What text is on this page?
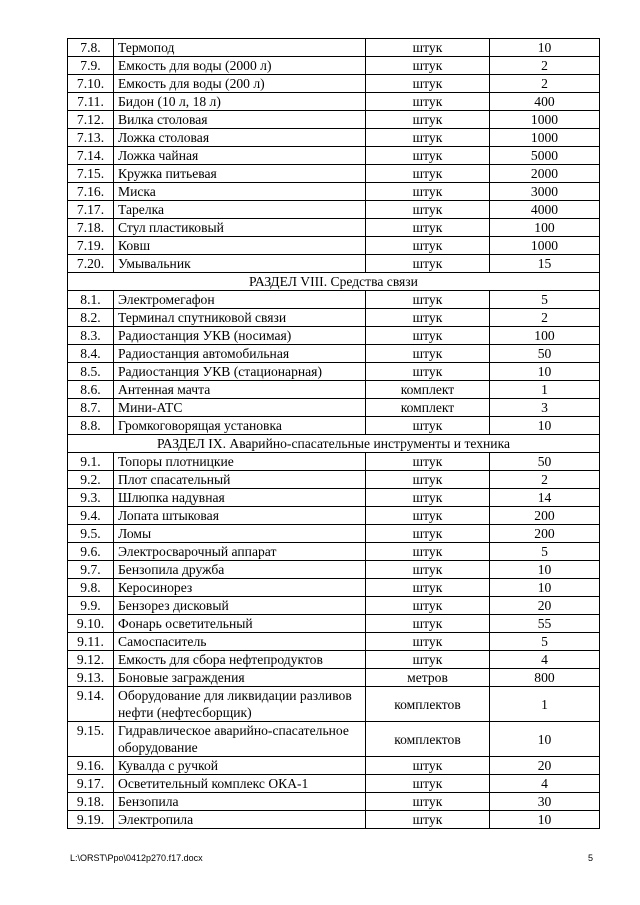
7.8.	Термопод	штук	10
7.9.	Емкость для воды (2000 л)	штук	2
7.10.	Емкость для воды (200 л)	штук	2
7.11.	Бидон (10 л, 18 л)	штук	400
7.12.	Вилка столовая	штук	1000
7.13.	Ложка столовая	штук	1000
7.14.	Ложка чайная	штук	5000
7.15.	Кружка питьевая	штук	2000
7.16.	Миска	штук	3000
7.17.	Тарелка	штук	4000
7.18.	Стул пластиковый	штук	100
7.19.	Ковш	штук	1000
7.20.	Умывальник	штук	15
РАЗДЕЛ VIII. Средства связи			
8.1.	Электромегафон	штук	5
8.2.	Терминал спутниковой связи	штук	2
8.3.	Радиостанция УКВ (носимая)	штук	100
8.4.	Радиостанция автомобильная	штук	50
8.5.	Радиостанция УКВ (стационарная)	штук	10
8.6.	Антенная мачта	комплект	1
8.7.	Мини-АТС	комплект	3
8.8.	Громкоговорящая установка	штук	10
РАЗДЕЛ IX. Аварийно-спасательные инструменты и техника			
9.1.	Топоры плотницкие	штук	50
9.2.	Плот спасательный	штук	2
9.3.	Шлюпка надувная	штук	14
9.4.	Лопата штыковая	штук	200
9.5.	Ломы	штук	200
9.6.	Электросварочный аппарат	штук	5
9.7.	Бензопила дружба	штук	10
9.8.	Керосинорез	штук	10
9.9.	Бензорез дисковый	штук	20
9.10.	Фонарь осветительный	штук	55
9.11.	Самоспаситель	штук	5
9.12.	Емкость для сбора нефтепродуктов	штук	4
9.13.	Боновые заграждения	метров	800
9.14.	Оборудование для ликвидации разливов нефти (нефтесборщик)	комплектов	1
9.15.	Гидравлическое аварийно-спасательное оборудование	комплектов	10
9.16.	Кувалда с ручкой	штук	20
9.17.	Осветительный комплекс ОКА-1	штук	4
9.18.	Бензопила	штук	30
9.19.	Электропила	штук	10
L:\ORST\Ppo\0412p270.f17.docx	5
